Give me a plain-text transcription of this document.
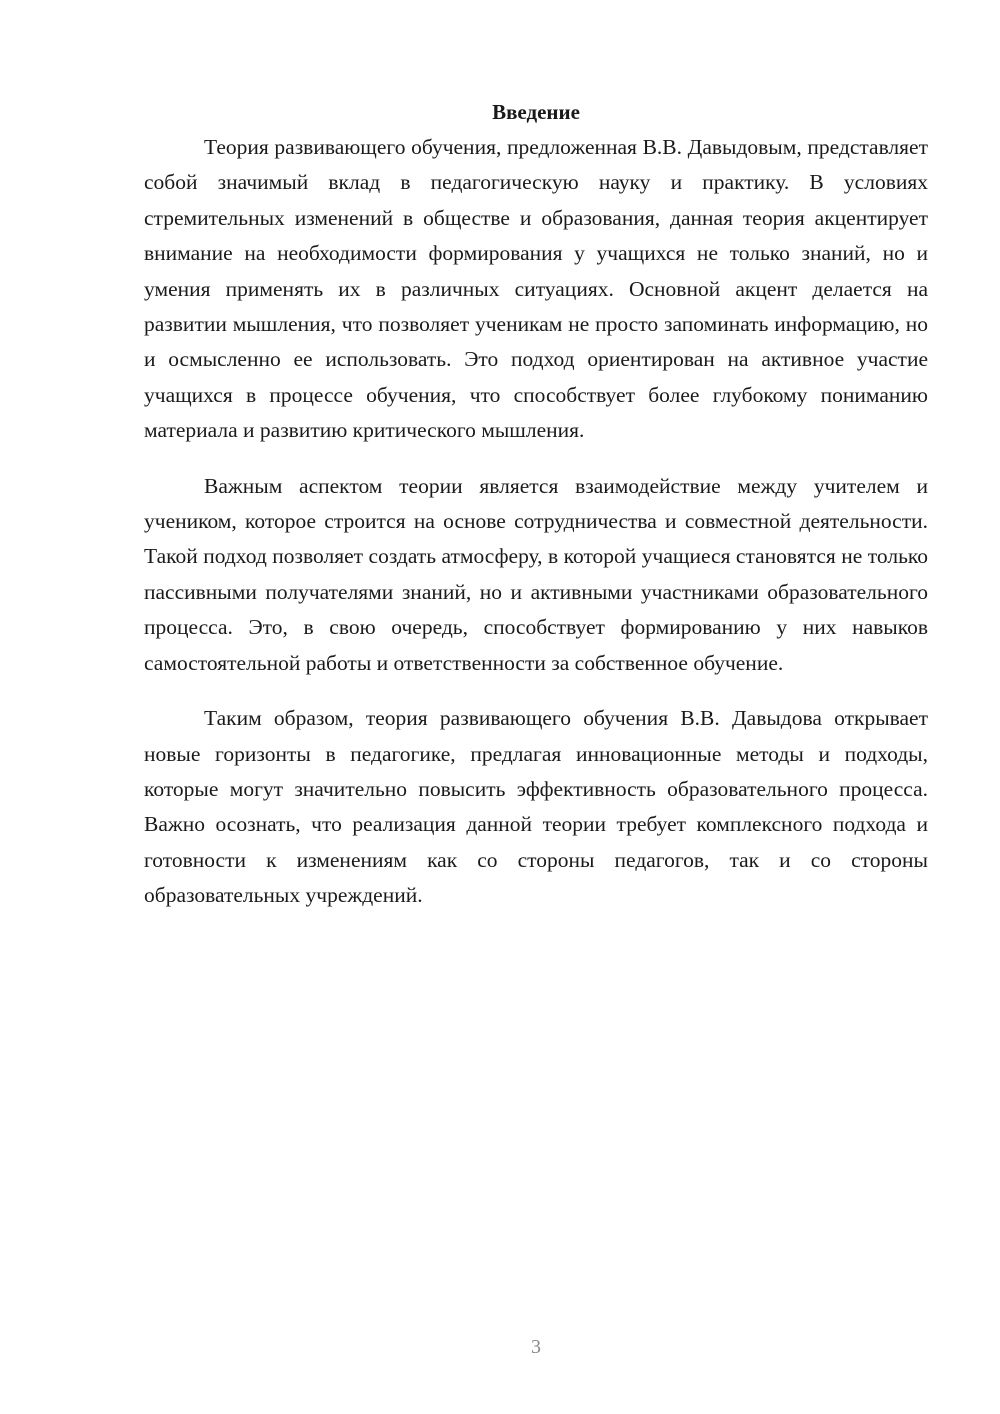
Введение

Теория развивающего обучения, предложенная В.В. Давыдовым, представляет собой значимый вклад в педагогическую науку и практику. В условиях стремительных изменений в обществе и образования, данная теория акцентирует внимание на необходимости формирования у учащихся не только знаний, но и умения применять их в различных ситуациях. Основной акцент делается на развитии мышления, что позволяет ученикам не просто запоминать информацию, но и осмысленно ее использовать. Это подход ориентирован на активное участие учащихся в процессе обучения, что способствует более глубокому пониманию материала и развитию критического мышления.

Важным аспектом теории является взаимодействие между учителем и учеником, которое строится на основе сотрудничества и совместной деятельности. Такой подход позволяет создать атмосферу, в которой учащиеся становятся не только пассивными получателями знаний, но и активными участниками образовательного процесса. Это, в свою очередь, способствует формированию у них навыков самостоятельной работы и ответственности за собственное обучение.

Таким образом, теория развивающего обучения В.В. Давыдова открывает новые горизонты в педагогике, предлагая инновационные методы и подходы, которые могут значительно повысить эффективность образовательного процесса. Важно осознать, что реализация данной теории требует комплексного подхода и готовности к изменениям как со стороны педагогов, так и со стороны образовательных учреждений.

3
